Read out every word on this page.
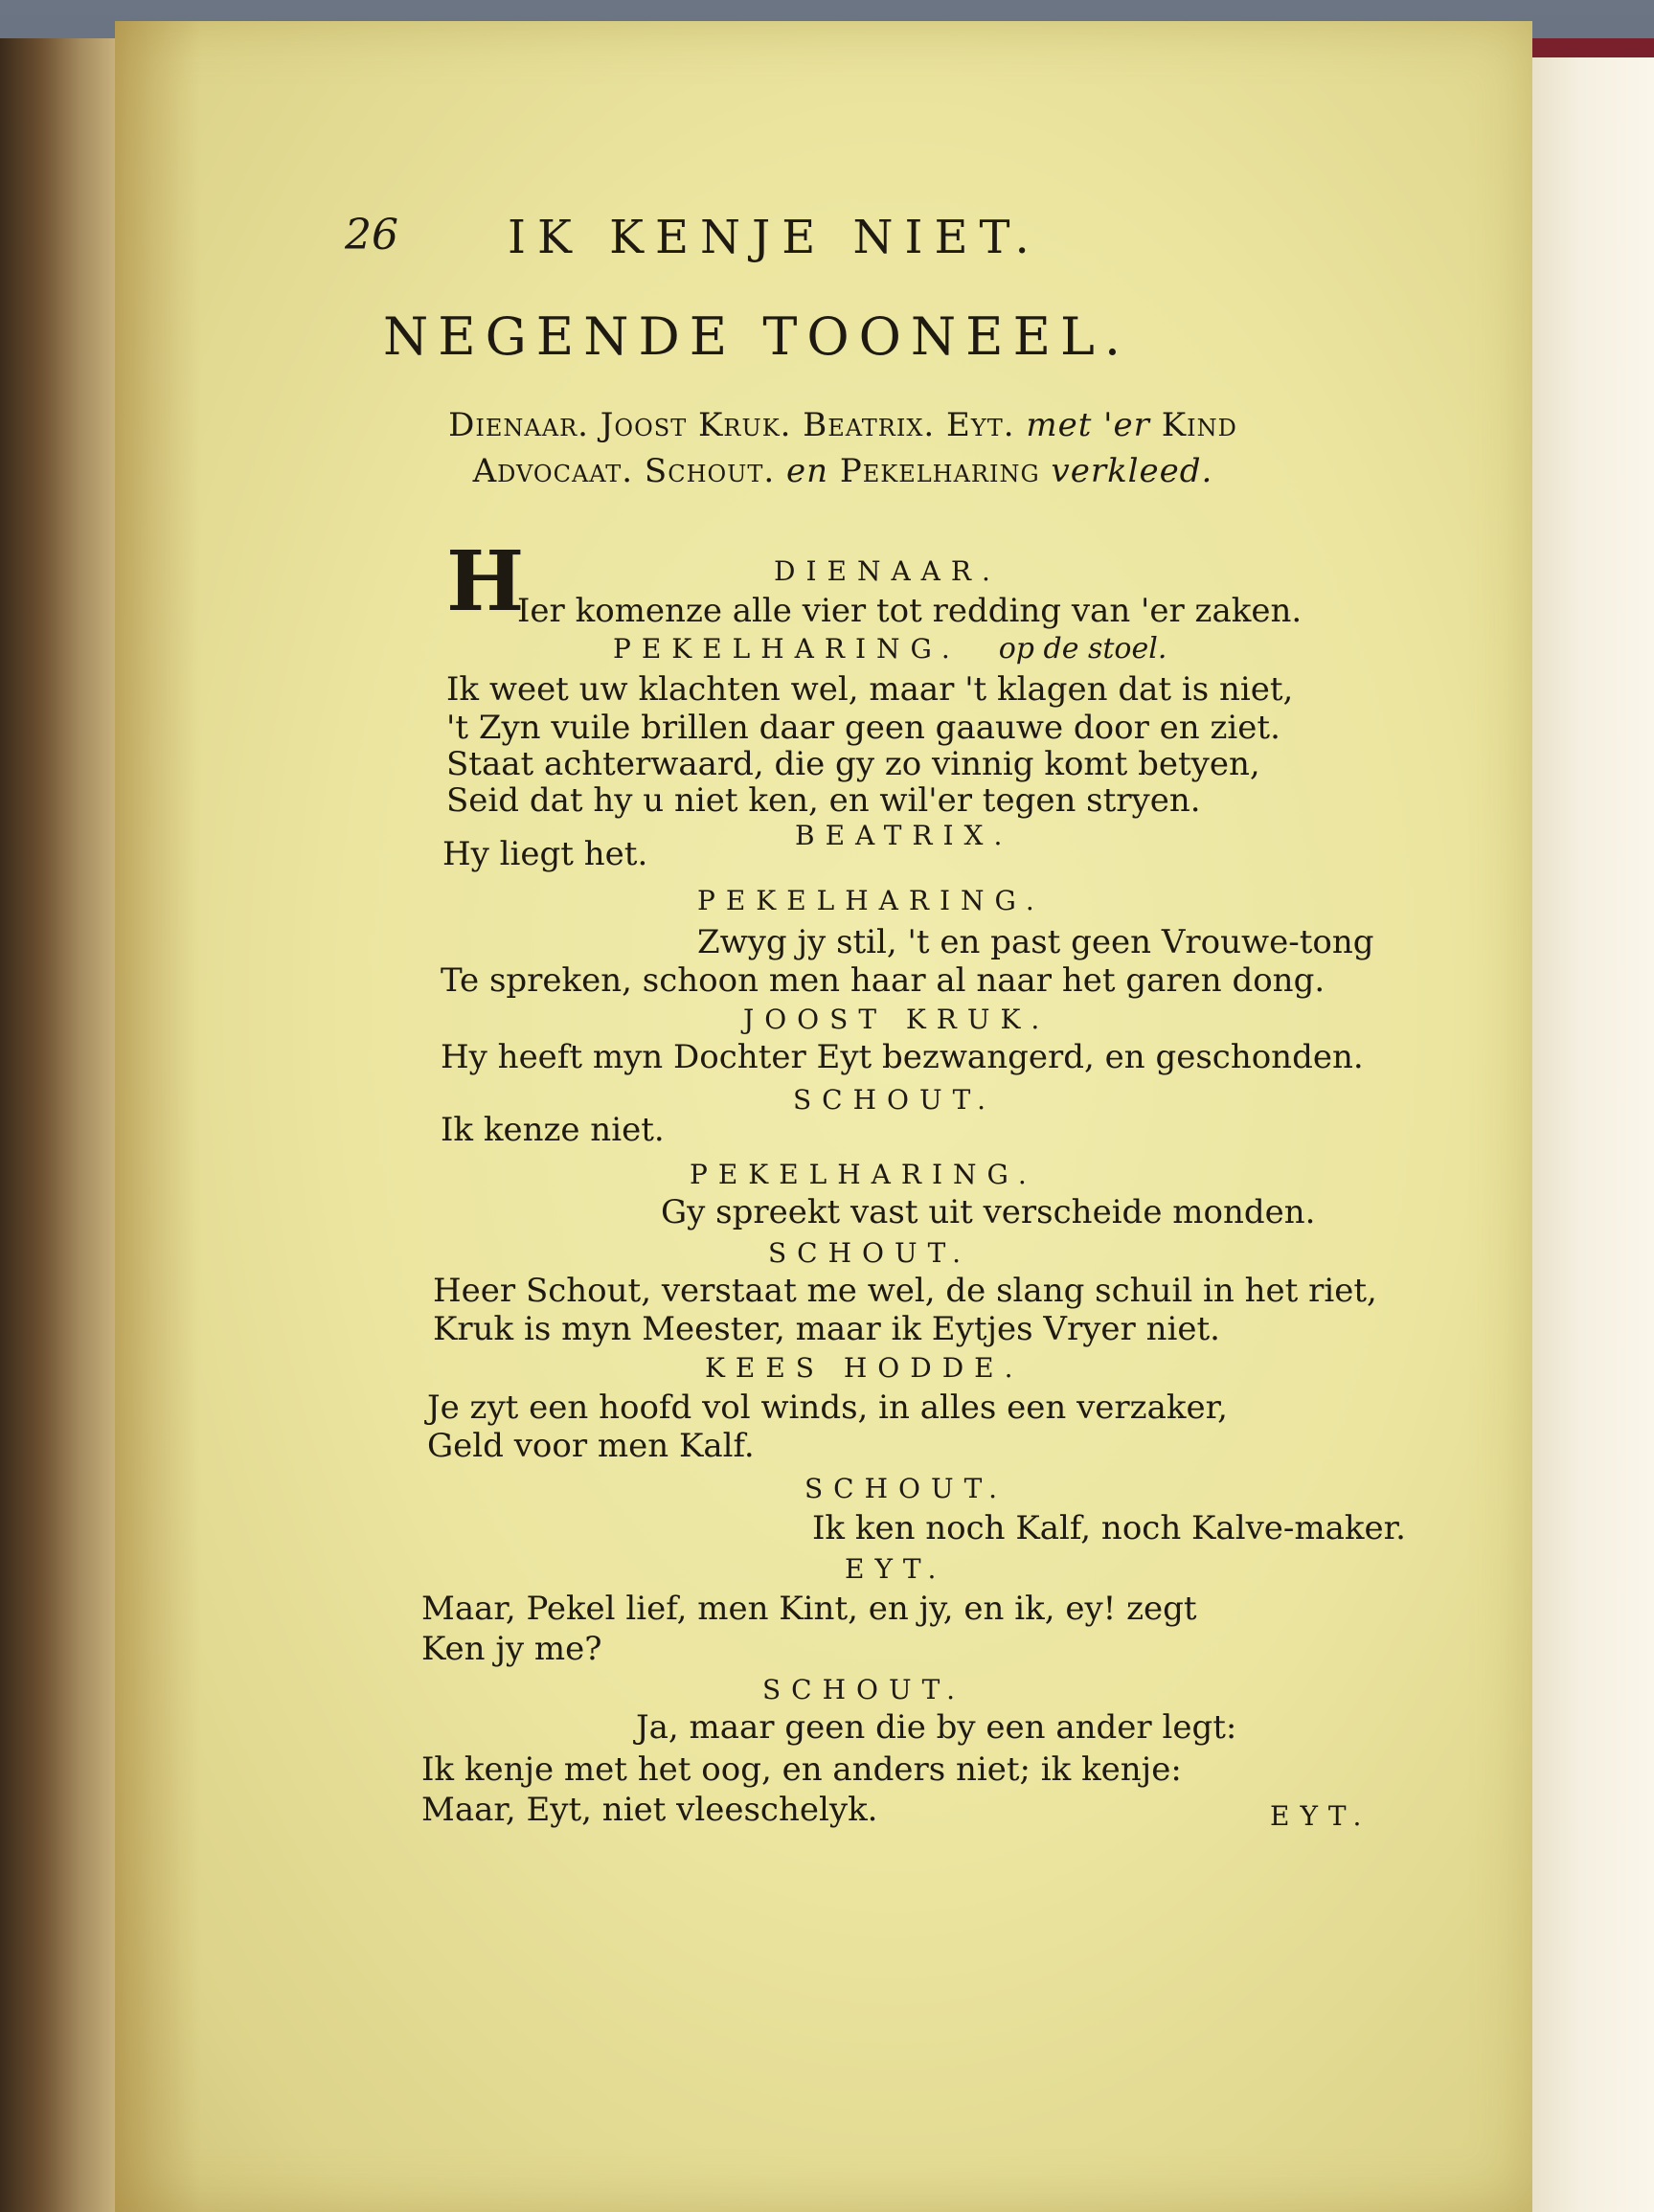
26 IK KENJE NIET.
NEGENDE TOONEEL.
Dienaar. Joost Kruk. Beatrix. Eyt. met 'er Kind
Advocaat. Schout. en Pekelharing verkleed.
DIENAAR.
H
Ier komenze alle vier tot redding van 'er zaken.
PEKELHARING. op de stoel.
Ik weet uw klachten wel, maar 't klagen dat is niet,
't Zyn vuile brillen daar geen gaauwe door en ziet.
Staat achterwaard, die gy zo vinnig komt betyen,
Seid dat hy u niet ken, en wil'er tegen stryen.
BEATRIX.
Hy liegt het.
PEKELHARING.
Zwyg jy stil, 't en past geen Vrouwe-tong
Te spreken, schoon men haar al naar het garen dong.
JOOST KRUK.
Hy heeft myn Dochter Eyt bezwangerd, en geschonden.
SCHOUT.
Ik kenze niet.
PEKELHARING.
Gy spreekt vast uit verscheide monden.
SCHOUT.
Heer Schout, verstaat me wel, de slang schuil in het riet,
Kruk is myn Meester, maar ik Eytjes Vryer niet.
KEES HODDE.
Je zyt een hoofd vol winds, in alles een verzaker,
Geld voor men Kalf.
SCHOUT.
Ik ken noch Kalf, noch Kalve-maker.
EYT.
Maar, Pekel lief, men Kint, en jy, en ik, ey! zegt
Ken jy me?
SCHOUT.
Ja, maar geen die by een ander legt:
Ik kenje met het oog, en anders niet; ik kenje:
Maar, Eyt, niet vleeschelyk.	EYT.
